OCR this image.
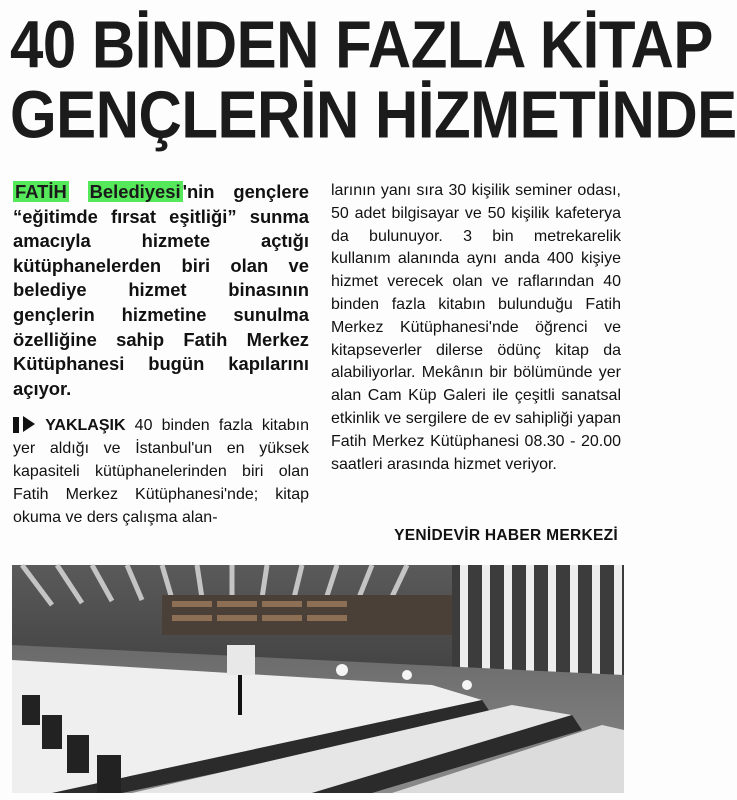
40 BİNDEN FAZLA KİTAP
GENÇLERİN HİZMETİNDE

FATİH Belediyesi 'nin gençlere “eğitimde fırsat eşitliği” sunma amacıyla hizmete açtığı kütüphanelerden biri olan ve belediye hizmet binasının gençlerin hizmetine sunulma özelliğine sahip Fatih Merkez Kütüphanesi bugün kapılarını açıyor.

YAKLAŞIK 40 binden fazla kitabın yer aldığı ve İstanbul'un en yüksek kapasiteli kütüphanelerinden biri olan Fatih Merkez Kütüphanesi'nde; kitap okuma ve ders çalışma alan-

larının yanı sıra 30 kişilik seminer odası, 50 adet bilgisayar ve 50 kişilik kafeterya da bulunuyor. 3 bin metrekarelik kullanım alanında aynı anda 400 kişiye hizmet verecek olan ve raflarından 40 binden fazla kitabın bulunduğu Fatih Merkez Kütüphanesi'nde öğrenci ve kitapseverler dilerse ödünç kitap da alabiliyorlar. Mekânın bir bölümünde yer alan Cam Küp Galeri ile çeşitli sanatsal etkinlik ve sergilere de ev sahipliği yapan Fatih Merkez Kütüphanesi 08.30 - 20.00 saatleri arasında hizmet veriyor.

YENİDEVİR HABER MERKEZİ
